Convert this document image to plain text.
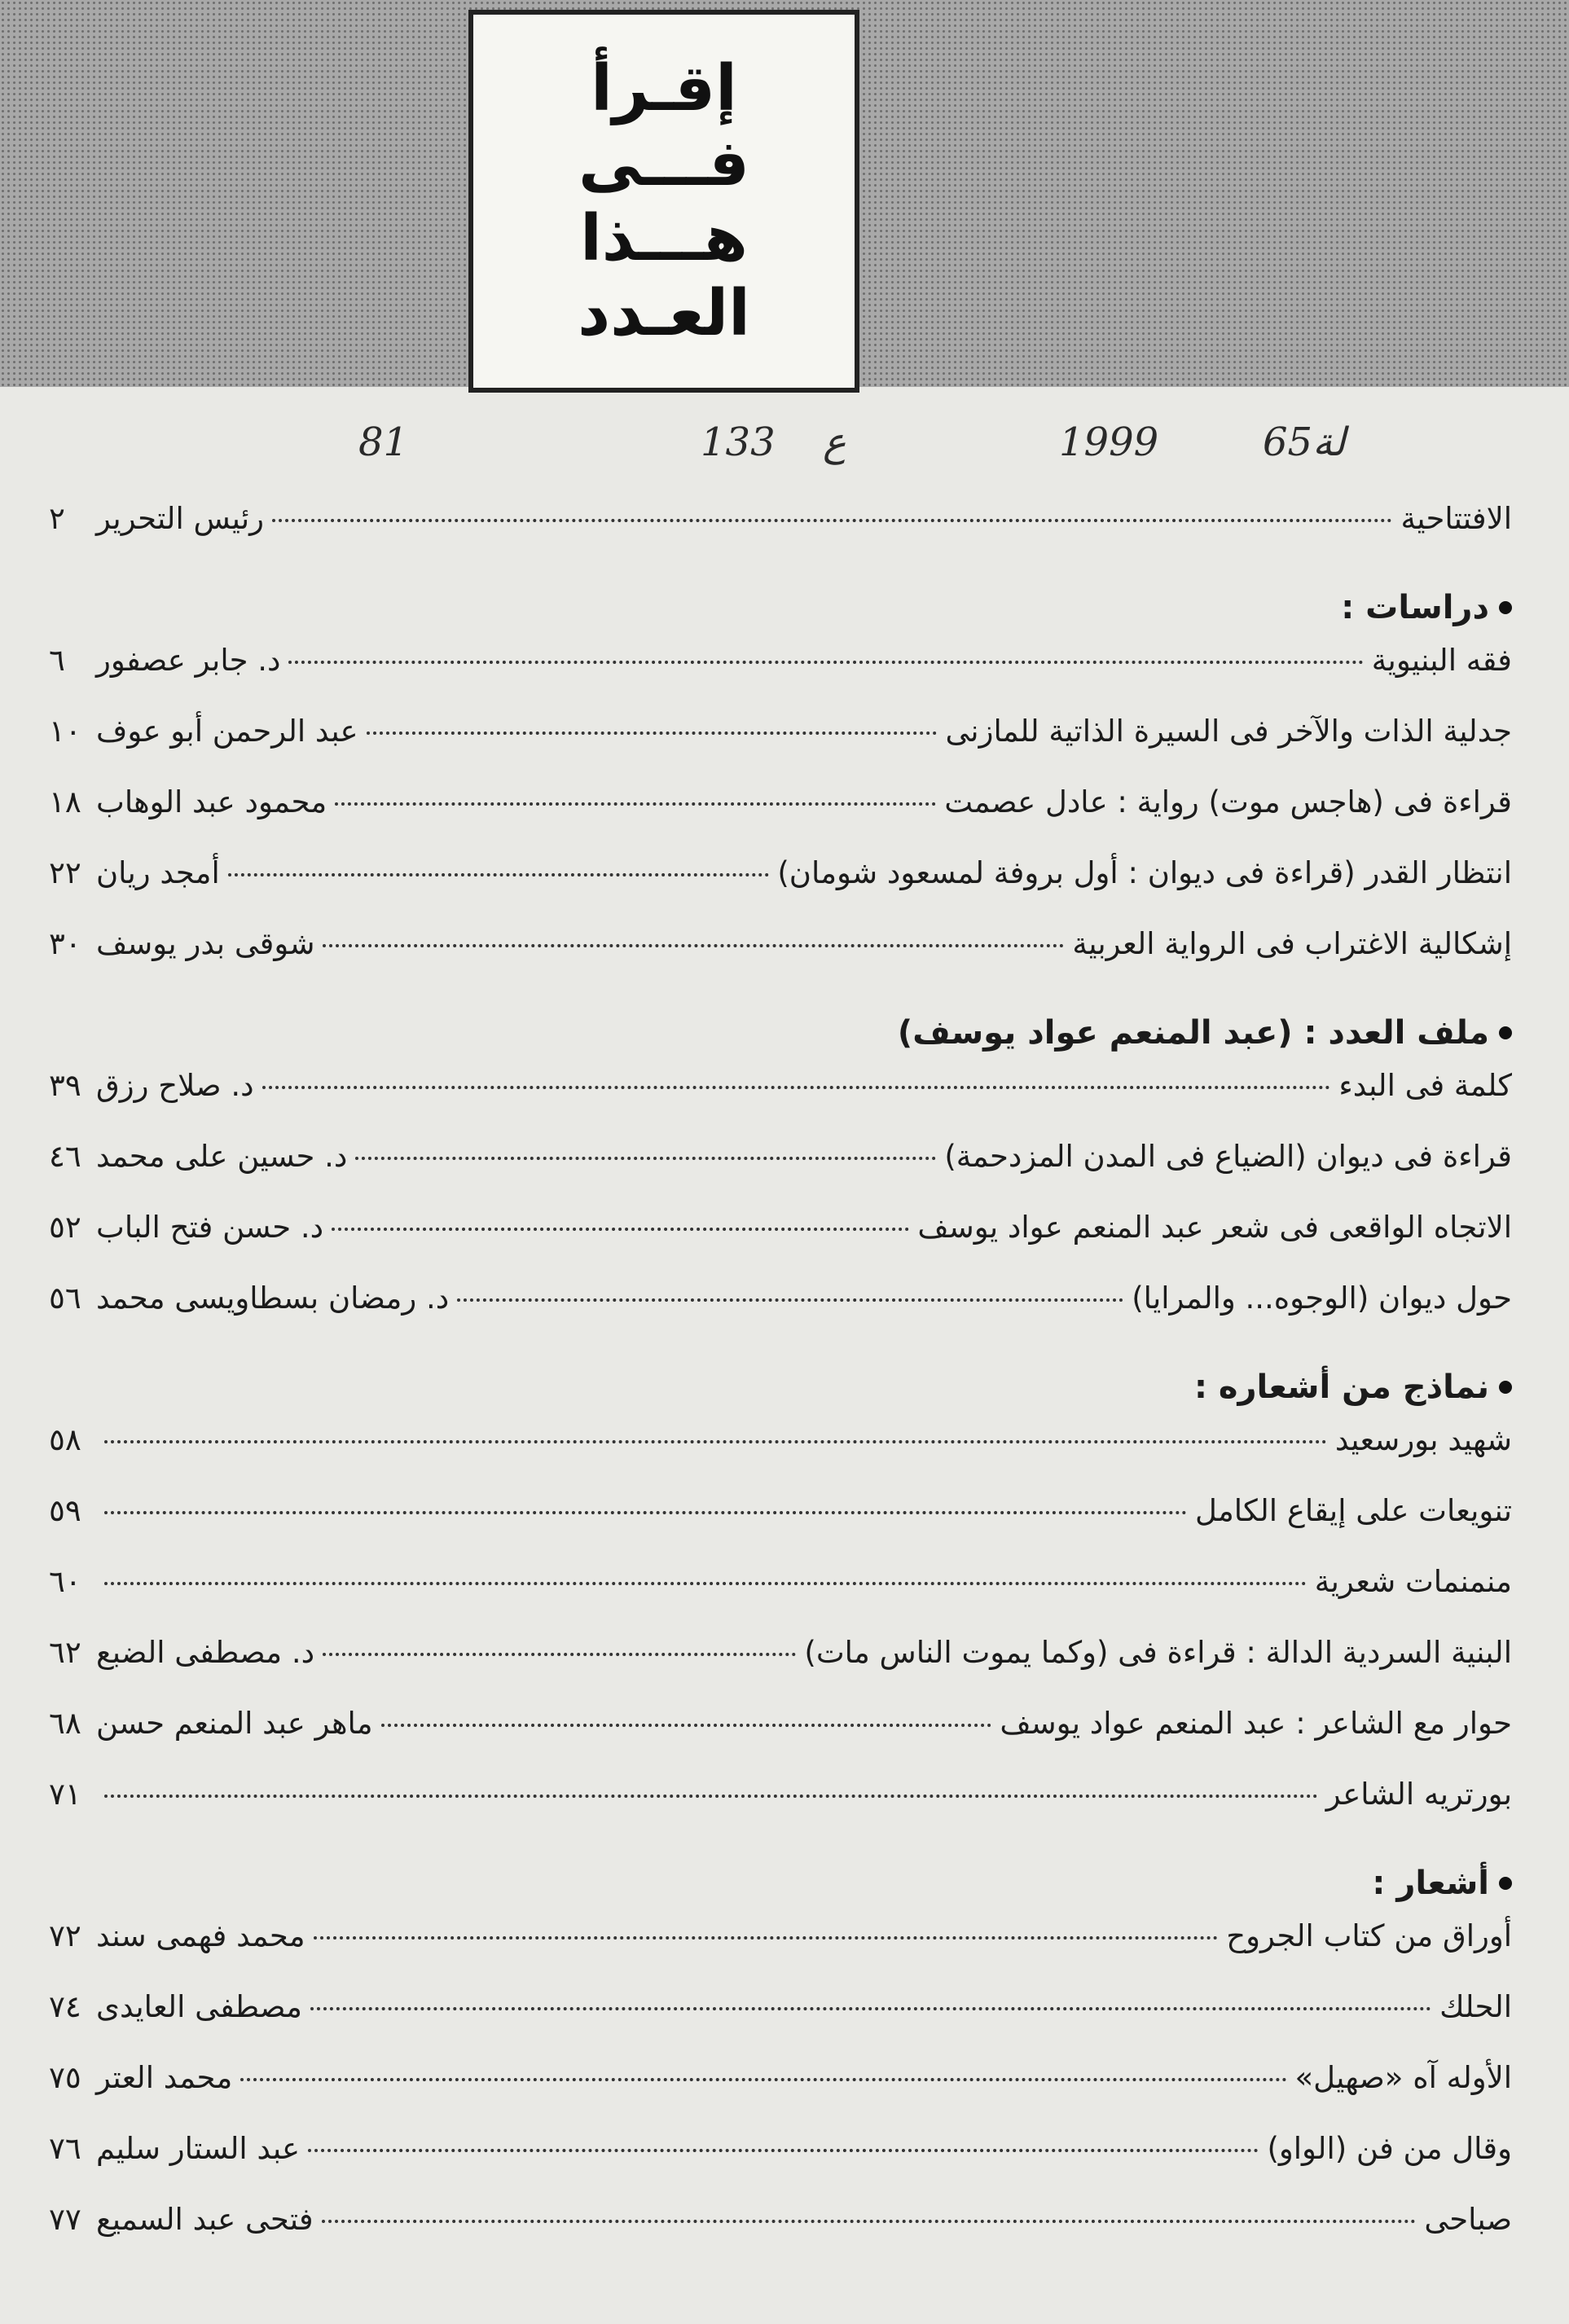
إقـرأ
فـــى
هـــذا
العـدد
6لة5
1999
ع
133
81
الافتتاحية
رئيس التحرير
٢
دراسات :
فقه البنيوية
د. جابر عصفور
٦
جدلية الذات والآخر فى السيرة الذاتية للمازنى
عبد الرحمن أبو عوف
١٠
قراءة فى (هاجس موت) رواية : عادل عصمت
محمود عبد الوهاب
١٨
انتظار القدر (قراءة فى ديوان : أول بروفة لمسعود شومان)
أمجد ريان
٢٢
إشكالية الاغتراب فى الرواية العربية
شوقى بدر يوسف
٣٠
ملف العدد : (عبد المنعم عواد يوسف)
كلمة فى البدء
د. صلاح رزق
٣٩
قراءة فى ديوان (الضياع فى المدن المزدحمة)
د. حسين على محمد
٤٦
الاتجاه الواقعى فى شعر عبد المنعم عواد يوسف
د. حسن فتح الباب
٥٢
حول ديوان (الوجوه... والمرايا)
د. رمضان بسطاويسى محمد
٥٦
نماذج من أشعاره :
شهيد بورسعيد
٥٨
تنويعات على إيقاع الكامل
٥٩
منمنمات شعرية
٦٠
البنية السردية الدالة : قراءة فى (وكما يموت الناس مات)
د. مصطفى الضبع
٦٢
حوار مع الشاعر : عبد المنعم عواد يوسف
ماهر عبد المنعم حسن
٦٨
بورتريه الشاعر
٧١
أشعار :
أوراق من كتاب الجروح
محمد فهمى سند
٧٢
الحلك
مصطفى العايدى
٧٤
الأوله آه «صهيل»
محمد العتر
٧٥
وقال من فن (الواو)
عبد الستار سليم
٧٦
صباحى
فتحى عبد السميع
٧٧
